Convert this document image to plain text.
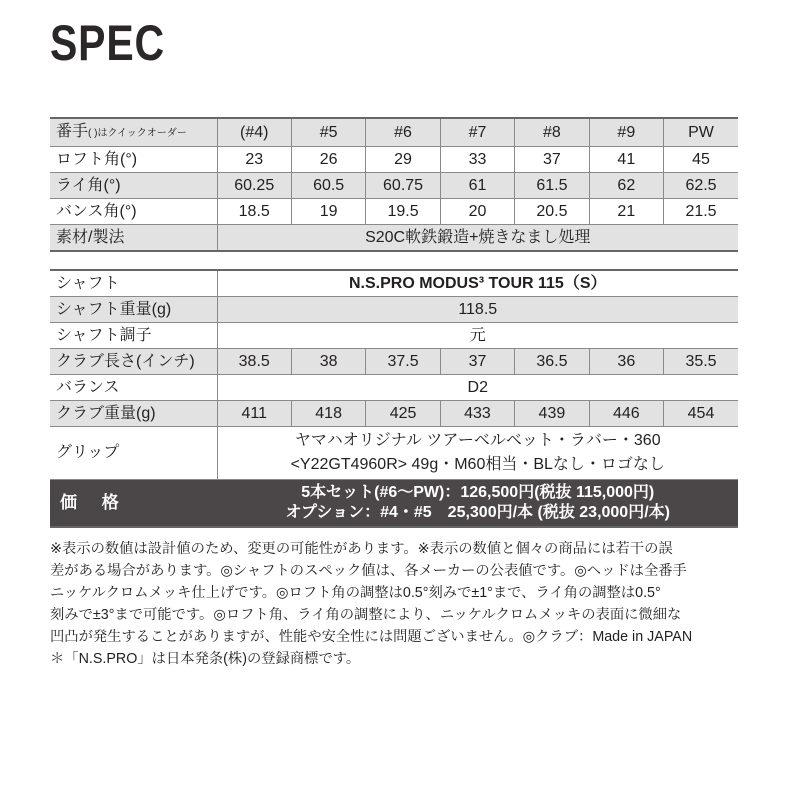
SPEC
番手( )はクイックオーダー	(#4)	#5	#6	#7	#8	#9	PW
ロフト角(°)	23	26	29	33	37	41	45
ライ角(°)	60.25	60.5	60.75	61	61.5	62	62.5
バンス角(°)	18.5	19	19.5	20	20.5	21	21.5
素材/製法	S20C軟鉄鍛造+焼きなまし処理						
シャフト	N.S.PRO MODUS³ TOUR 115（S）						
シャフト重量(g)	118.5						
シャフト調子	元						
クラブ長さ(インチ)	38.5	38	37.5	37	36.5	36	35.5
バランス	D2						
クラブ重量(g)	411	418	425	433	439	446	454
グリップ	ヤマハオリジナル ツアーベルベット・ラバー・360
<Y22GT4960R> 49g・M60相当・BLなし・ロゴなし						

価 格	5本セット(#6〜PW)：126,500円(税抜 115,000円)
オプション：#4・#5　25,300円/本 (税抜 23,000円/本)						

※表示の数値は設計値のため、変更の可能性があります。※表示の数値と個々の商品には若干の誤

差がある場合があります。◎シャフトのスペック値は、各メーカーの公表値です。◎ヘッドは全番手

ニッケルクロムメッキ仕上げです。◎ロフト角の調整は0.5°刻みで±1°まで、ライ角の調整は0.5°

刻みで±3°まで可能です。◎ロフト角、ライ角の調整により、ニッケルクロムメッキの表面に微細な

凹凸が発生することがありますが、性能や安全性には問題ございません。◎クラブ：Made in JAPAN

＊「N.S.PRO」は日本発条(株)の登録商標です。
